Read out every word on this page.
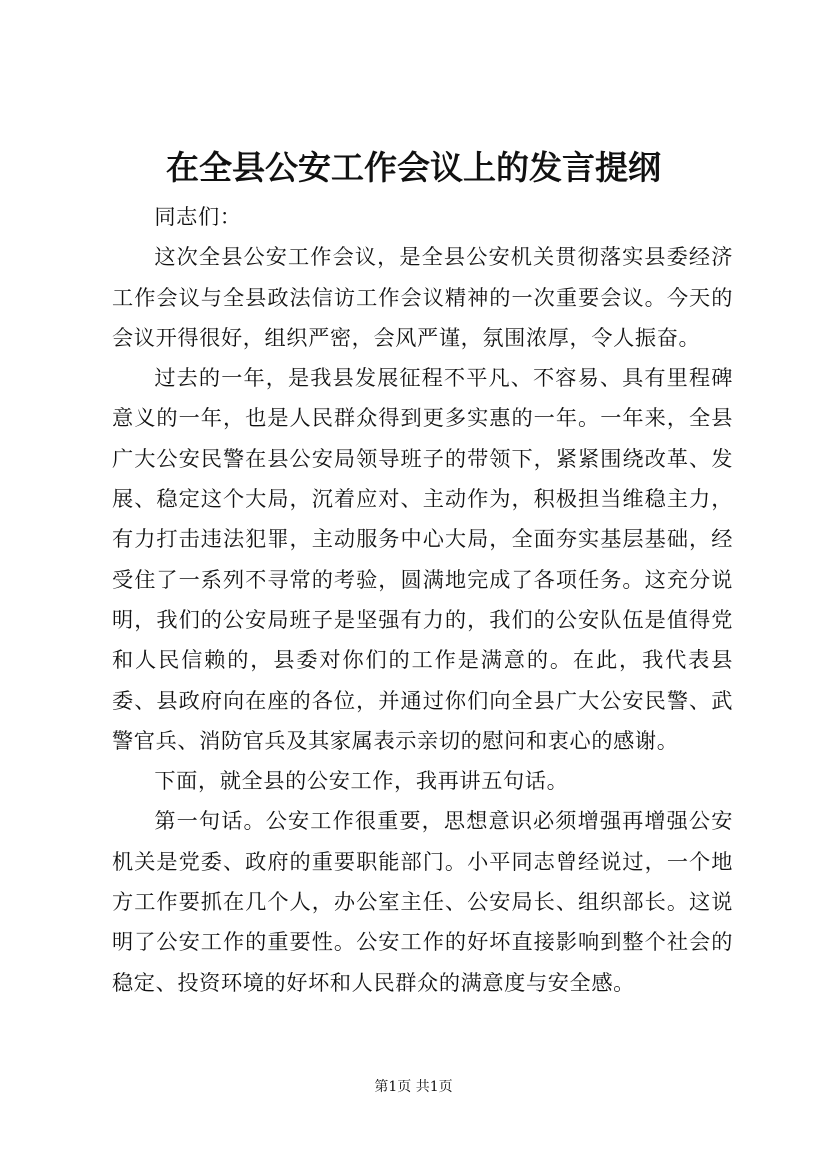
在全县公安工作会议上的发言提纲

同志们：

这次全县公安工作会议，是全县公安机关贯彻落实县委经济工作会议与全县政法信访工作会议精神的一次重要会议。今天的会议开得很好，组织严密，会风严谨，氛围浓厚，令人振奋。

过去的一年，是我县发展征程不平凡、不容易、具有里程碑意义的一年，也是人民群众得到更多实惠的一年。一年来，全县广大公安民警在县公安局领导班子的带领下，紧紧围绕改革、发展、稳定这个大局，沉着应对、主动作为，积极担当维稳主力，有力打击违法犯罪，主动服务中心大局，全面夯实基层基础，经受住了一系列不寻常的考验，圆满地完成了各项任务。这充分说明，我们的公安局班子是坚强有力的，我们的公安队伍是值得党和人民信赖的，县委对你们的工作是满意的。在此，我代表县委、县政府向在座的各位，并通过你们向全县广大公安民警、武警官兵、消防官兵及其家属表示亲切的慰问和衷心的感谢。

下面，就全县的公安工作，我再讲五句话。

第一句话。公安工作很重要，思想意识必须增强再增强公安机关是党委、政府的重要职能部门。小平同志曾经说过，一个地方工作要抓在几个人，办公室主任、公安局长、组织部长。这说明了公安工作的重要性。公安工作的好坏直接影响到整个社会的稳定、投资环境的好坏和人民群众的满意度与安全感。

第1页 共1页
